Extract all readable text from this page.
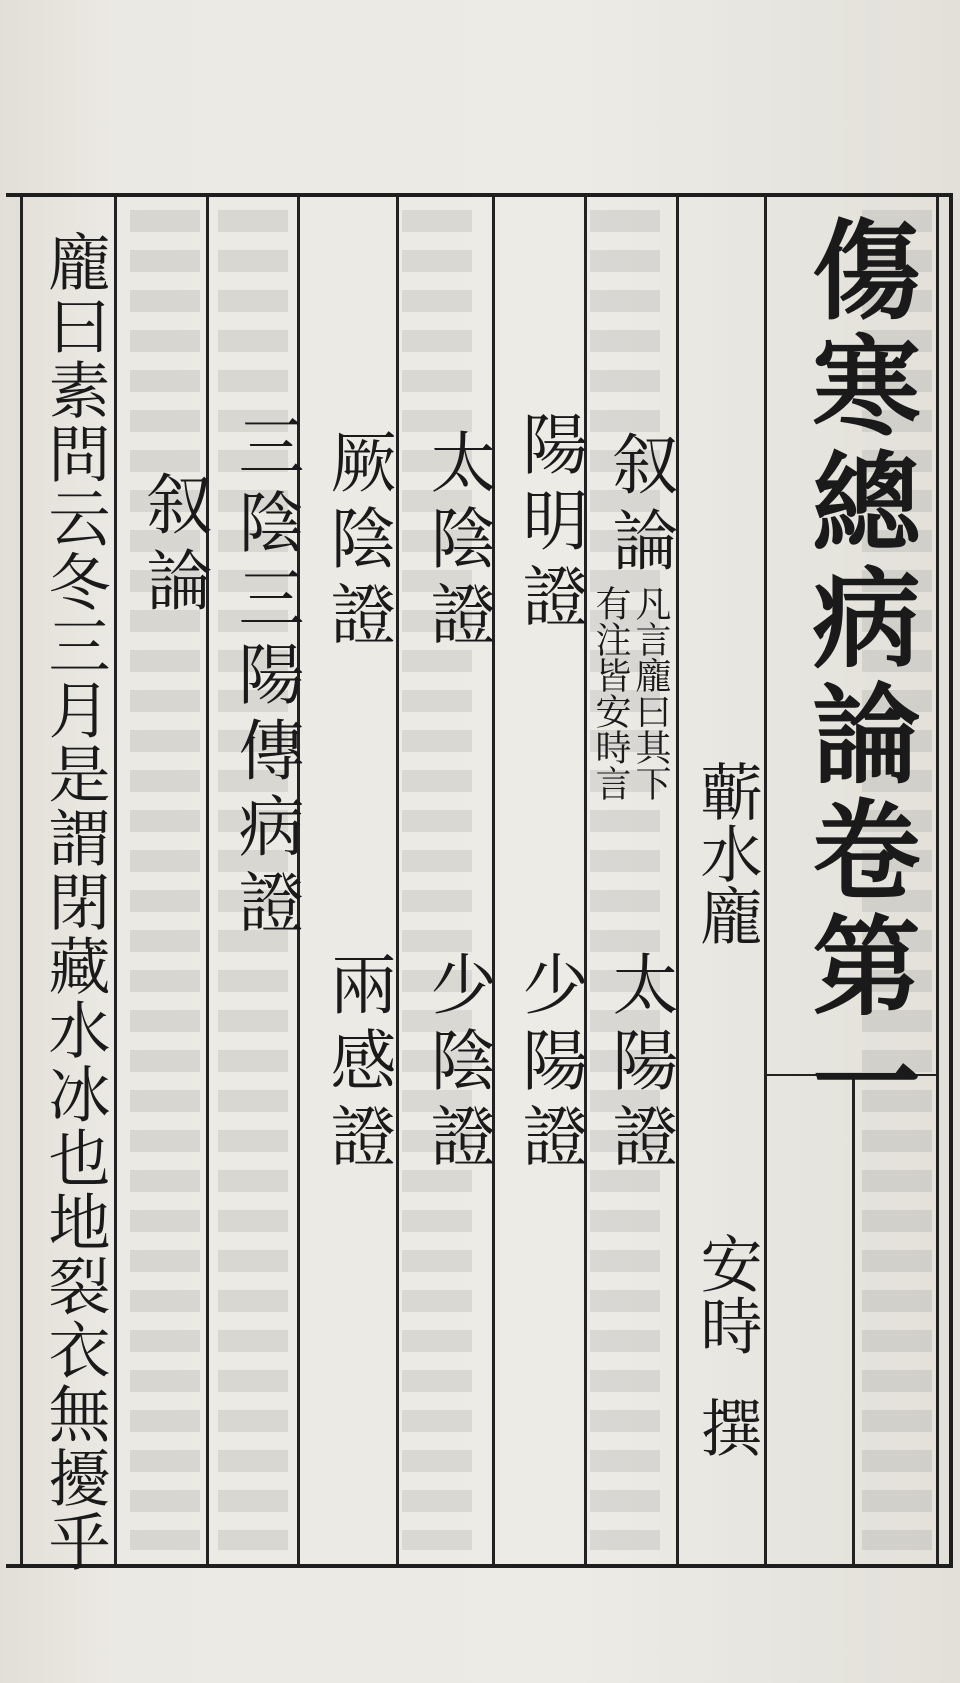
傷寒總病論卷第一
蘄水龐
安時
撰
叙論
凡言龐曰其下有注皆安時言
陽明證
太陰證
厥陰證
三陰三陽傳病證
太陽證
少陽證
少陰證
兩感證
叙論
龐曰素問云冬三月是謂閉藏水冰也地裂衣無擾乎
